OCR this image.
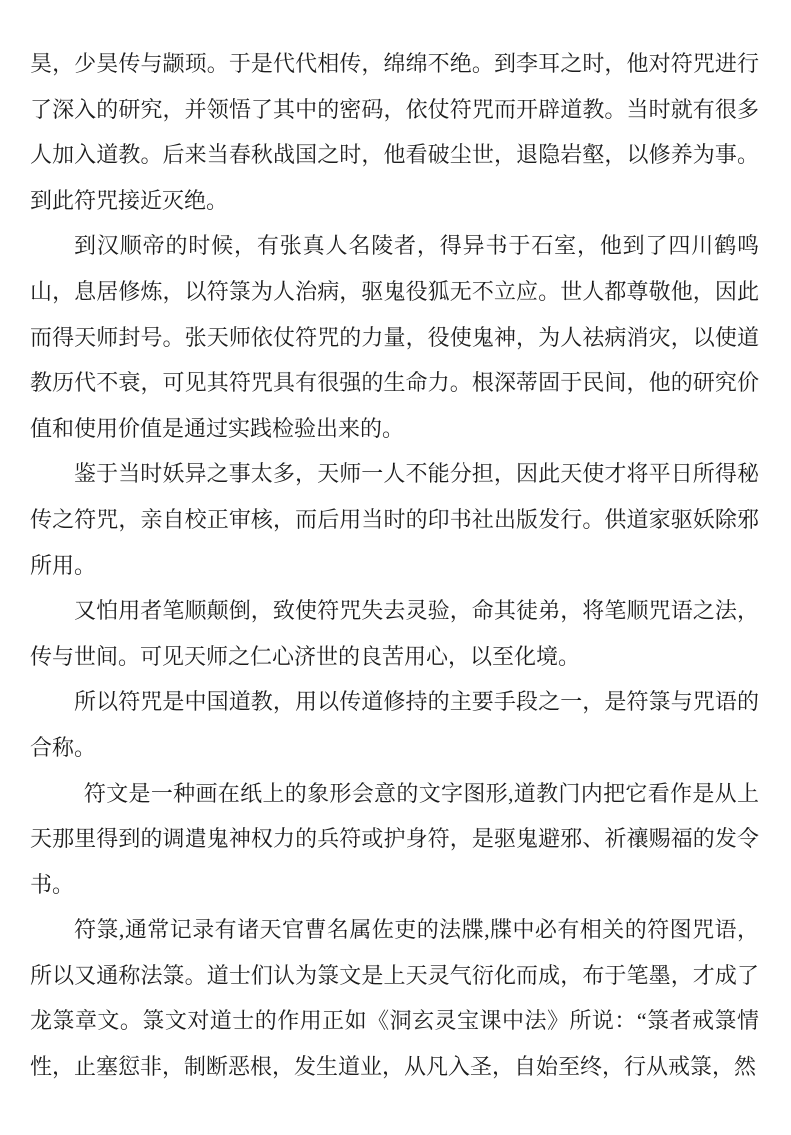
昊，少昊传与颛顼。于是代代相传，绵绵不绝。到李耳之时，他对符咒进行了深入的研究，并领悟了其中的密码，依仗符咒而开辟道教。当时就有很多人加入道教。后来当春秋战国之时，他看破尘世，退隐岩壑，以修养为事。到此符咒接近灭绝。

到汉顺帝的时候，有张真人名陵者，得异书于石室，他到了四川鹤鸣山，息居修炼，以符箓为人治病，驱鬼役狐无不立应。世人都尊敬他，因此而得天师封号。张天师依仗符咒的力量，役使鬼神，为人祛病消灾，以使道教历代不衰，可见其符咒具有很强的生命力。根深蒂固于民间，他的研究价值和使用价值是通过实践检验出来的。

鉴于当时妖异之事太多，天师一人不能分担，因此天使才将平日所得秘传之符咒，亲自校正审核，而后用当时的印书社出版发行。供道家驱妖除邪所用。

又怕用者笔顺颠倒，致使符咒失去灵验，命其徒弟，将笔顺咒语之法，传与世间。可见天师之仁心济世的良苦用心，以至化境。

所以符咒是中国道教，用以传道修持的主要手段之一，是符箓与咒语的合称。

符文是一种画在纸上的象形会意的文字图形,道教门内把它看作是从上天那里得到的调遣鬼神权力的兵符或护身符，是驱鬼避邪、祈禳赐福的发令书。

符箓,通常记录有诸天官曹名属佐吏的法牒,牒中必有相关的符图咒语，所以又通称法箓。道士们认为箓文是上天灵气衍化而成，布于笔墨，才成了龙箓章文。箓文对道士的作用正如《洞玄灵宝课中法》所说：“箓者戒箓情性，止塞愆非，制断恶根，发生道业，从凡入圣，自始至终，行从戒箓，然
